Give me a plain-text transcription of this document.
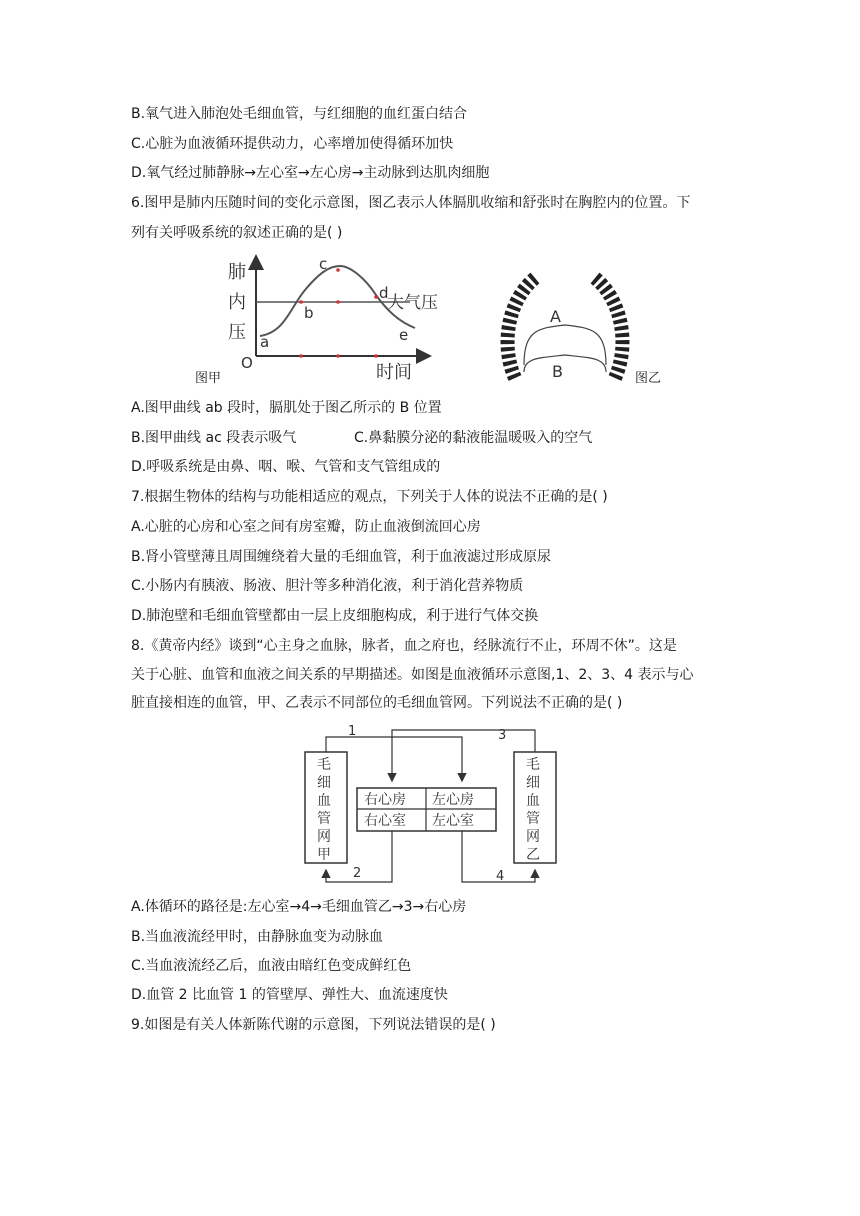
B.氧气进入肺泡处毛细血管，与红细胞的血红蛋白结合
C.心脏为血液循环提供动力，心率增加使得循环加快
D.氧气经过肺静脉→左心室→左心房→主动脉到达肌肉细胞
6.图甲是肺内压随时间的变化示意图，图乙表示人体膈肌收缩和舒张时在胸腔内的位置。下
列有关呼吸系统的叙述正确的是( )
肺
内
压
O	时间
大气压
a
b
c
d
e
图甲
A
B	图乙
A.图甲曲线 ab 段时，膈肌处于图乙所示的 B 位置
B.图甲曲线 ac 段表示吸气	C.鼻黏膜分泌的黏液能温暖吸入的空气
D.呼吸系统是由鼻、咽、喉、气管和支气管组成的
7.根据生物体的结构与功能相适应的观点，下列关于人体的说法不正确的是( )
A.心脏的心房和心室之间有房室瓣，防止血液倒流回心房
B.肾小管壁薄且周围缠绕着大量的毛细血管，利于血液滤过形成原尿
C.小肠内有胰液、肠液、胆汁等多种消化液，利于消化营养物质
D.肺泡壁和毛细血管壁都由一层上皮细胞构成，利于进行气体交换
8.《黄帝内经》谈到“心主身之血脉，脉者，血之府也，经脉流行不止，环周不休”。这是
关于心脏、血管和血液之间关系的早期描述。如图是血液循环示意图,1、2、3、4 表示与心
脏直接相连的血管，甲、乙表示不同部位的毛细血管网。下列说法不正确的是( )
1
2
3
4
右心房 左心房
右心室 左心室
毛
细
血
管
网
甲
毛
细
血
管
网
乙
A.体循环的路径是:左心室→4→毛细血管乙→3→右心房
B.当血液流经甲时，由静脉血变为动脉血
C.当血液流经乙后，血液由暗红色变成鲜红色
D.血管 2 比血管 1 的管壁厚、弹性大、血流速度快
9.如图是有关人体新陈代谢的示意图，下列说法错误的是( )
